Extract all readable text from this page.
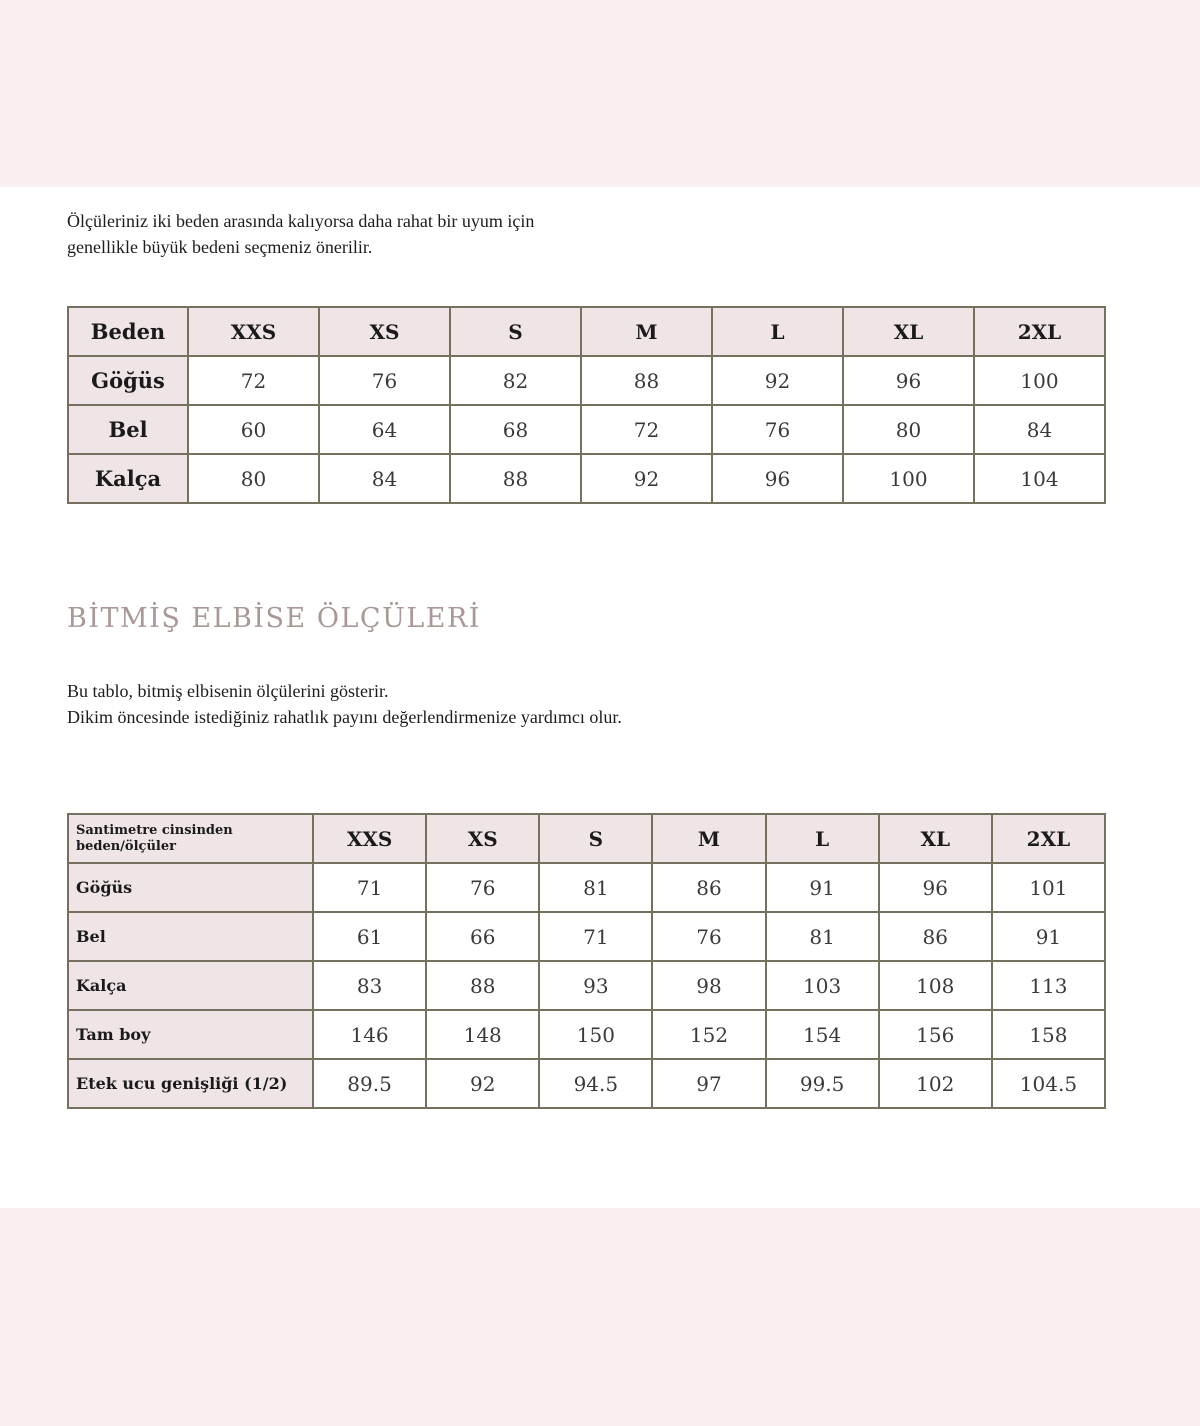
Ölçüleriniz iki beden arasında kalıyorsa daha rahat bir uyum için

genellikle büyük bedeni seçmeniz önerilir.

Beden	XXS	XS	S	M	L	XL	2XL
Göğüs	72	76	82	88	92	96	100
Bel	60	64	68	72	76	80	84
Kalça	80	84	88	92	96	100	104
BİTMİŞ ELBİSE ÖLÇÜLERİ

Bu tablo, bitmiş elbisenin ölçülerini gösterir.

Dikim öncesinde istediğiniz rahatlık payını değerlendirmenize yardımcı olur.

Santimetre cinsinden
beden/ölçüler	XXS	XS	S	M	L	XL	2XL
Göğüs	71	76	81	86	91	96	101
Bel	61	66	71	76	81	86	91
Kalça	83	88	93	98	103	108	113
Tam boy	146	148	150	152	154	156	158
Etek ucu genişliği (1/2)	89.5	92	94.5	97	99.5	102	104.5
